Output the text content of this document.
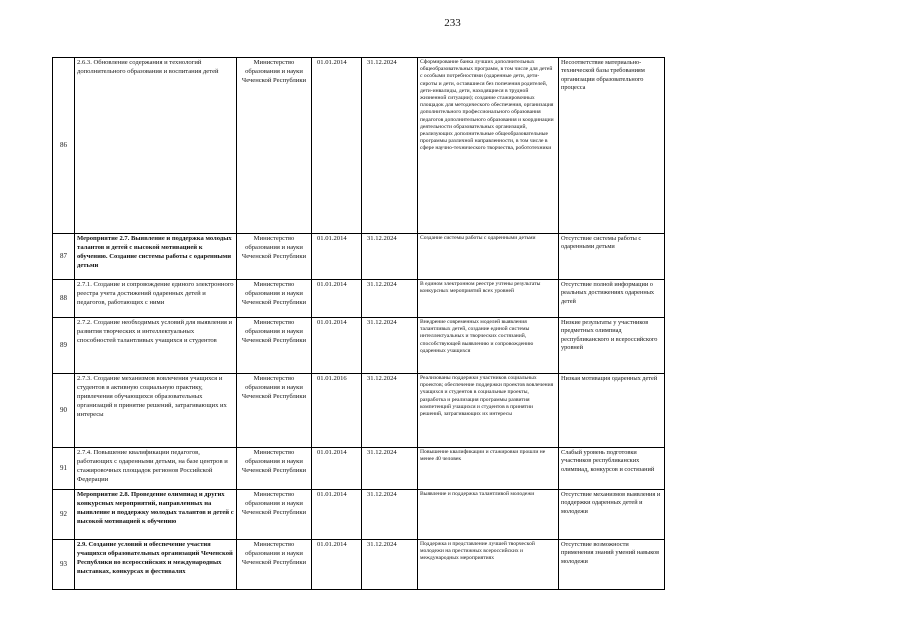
233
86	2.6.3. Обновление содержания и технологий дополнительного образования и воспитания детей	Министерство образования и науки Чеченской Республики	01.01.2014	31.12.2024	Сформирование банка лучших дополнительных общеобразовательных программ, в том числе для детей с особыми потребностями (одаренные дети, дети-сироты и дети, оставшиеся без попечения родителей, дети-инвалиды, дети, находящиеся в трудной жизненной ситуации); создание стажировочных площадок для методического обеспечения, организация дополнительного профессионального образования педагогов дополнительного образования и координации деятельности образовательных организаций, реализующих дополнительные общеобразовательные программы различной направленности, в том числе в сфере научно-технического творчества, робототехники	Несоответствие материально-технической базы требованиям организации образовательного процесса
87	Мероприятие 2.7. Выявление и поддержка молодых талантов и детей с высокой мотивацией к обучению. Создание системы работы с одаренными детьми	Министерство образования и науки Чеченской Республики	01.01.2014	31.12.2024	Создание системы работы с одаренными детьми	Отсутствие системы работы с одаренными детьми
88	2.7.1. Создание и сопровождение единого электронного реестра учета достижений одаренных детей и педагогов, работающих с ними	Министерство образования и науки Чеченской Республики	01.01.2014	31.12.2024	В едином электронном реестре учтены результаты конкурсных мероприятий всех уровней	Отсутствие полной информации о реальных достижениях одаренных детей
89	2.7.2. Создание необходимых условий для выявления и развития творческих и интеллектуальных способностей талантливых учащихся и студентов	Министерство образования и науки Чеченской Республики	01.01.2014	31.12.2024	Внедрение современных моделей выявления талантливых детей, создание единой системы интеллектуальных и творческих состязаний, способствующей выявлению и сопровождению одаренных учащихся	Низкие результаты у участников предметных олимпиад республиканского и всероссийского уровней
90	2.7.3. Создание механизмов вовлечения учащихся и студентов в активную социальную практику, привлечения обучающихся образовательных организаций в принятие решений, затрагивающих их интересы	Министерство образования и науки Чеченской Республики	01.01.2016	31.12.2024	Реализованы поддержки участников социальных проектов; обеспечение поддержки проектов вовлечения учащихся и студентов в социальные проекты, разработка и реализация программы развития компетенций учащихся и студентов в принятии решений, затрагивающих их интересы	Низкая мотивация одаренных детей
91	2.7.4. Повышение квалификации педагогов, работающих с одаренными детьми, на базе центров и стажировочных площадок регионов Российской Федерации	Министерство образования и науки Чеченской Республики	01.01.2014	31.12.2024	Повышение квалификации и стажировки прошли не менее 40 человек	Слабый уровень подготовки участников республиканских олимпиад, конкурсов и состязаний
92	Мероприятие 2.8. Проведение олимпиад и других конкурсных мероприятий, направленных на выявление и поддержку молодых талантов и детей с высокой мотивацией к обучению	Министерство образования и науки Чеченской Республики	01.01.2014	31.12.2024	Выявление и поддержка талантливой молодежи	Отсутствие механизмов выявления и поддержки одаренных детей и молодежи
93	2.9. Создание условий и обеспечение участия учащихся образовательных организаций Чеченской Республики во всероссийских и международных выставках, конкурсах и фестивалях	Министерство образования и науки Чеченской Республики	01.01.2014	31.12.2024	Поддержка и представление лучшей творческой молодежи на престижных всероссийских и международных мероприятиях	Отсутствие возможности применения знаний умений навыков молодежи
